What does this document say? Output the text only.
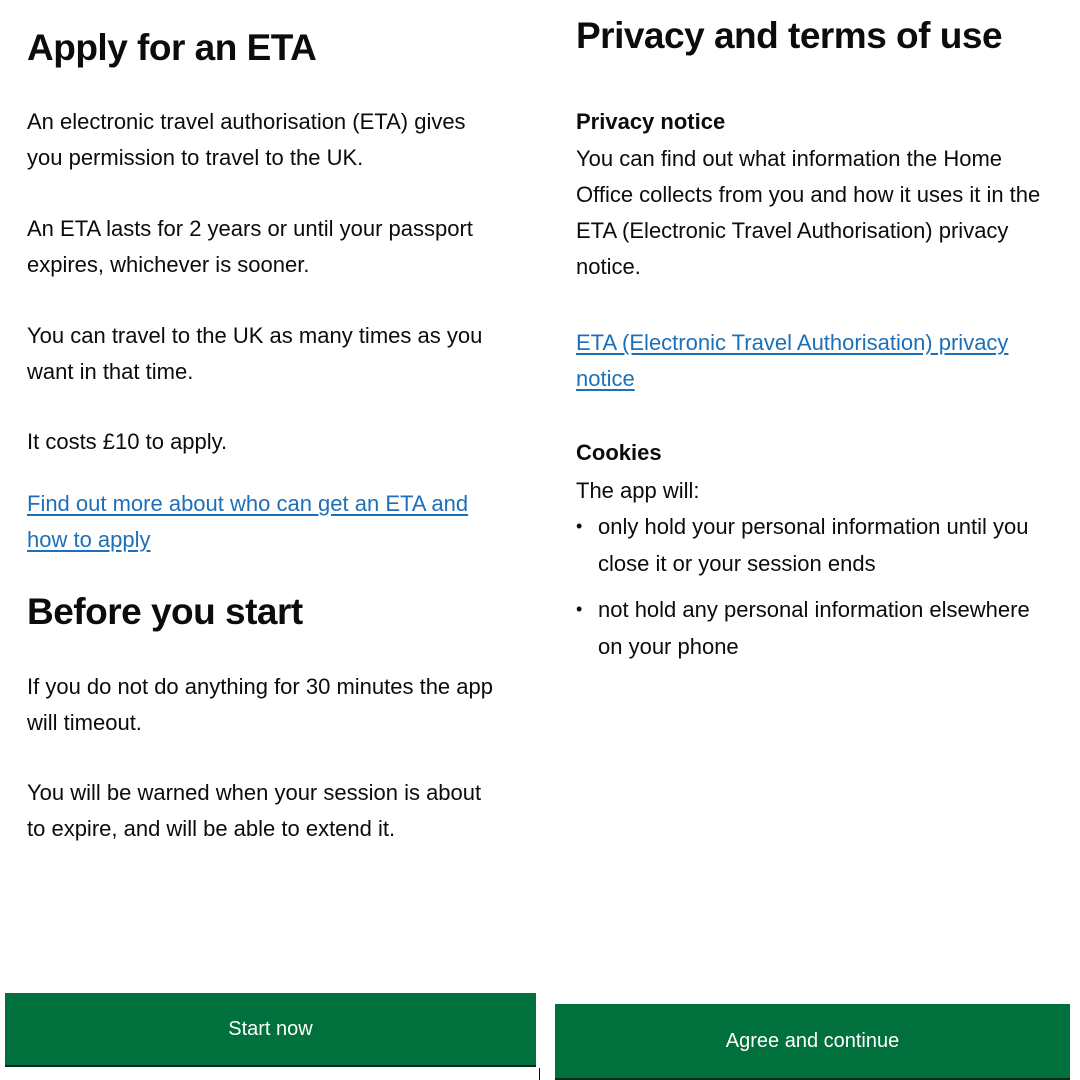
Apply for an ETA

An electronic travel authorisation (ETA) gives you permission to travel to the UK.

An ETA lasts for 2 years or until your passport expires, whichever is sooner.

You can travel to the UK as many times as you want in that time.

It costs £10 to apply.

Find out more about who can get an ETA and how to apply

Before you start

If you do not do anything for 30 minutes the app will timeout.

You will be warned when your session is about to expire, and will be able to extend it.

Start now
Privacy and terms of use
Privacy notice

You can find out what information the Home Office collects from you and how it uses it in the ETA (Electronic Travel Authorisation) privacy notice.

ETA (Electronic Travel Authorisation) privacy notice

Cookies

The app will:

• only hold your personal information until you close it or your session ends
• not hold any personal information elsewhere on your phone
Agree and continue
